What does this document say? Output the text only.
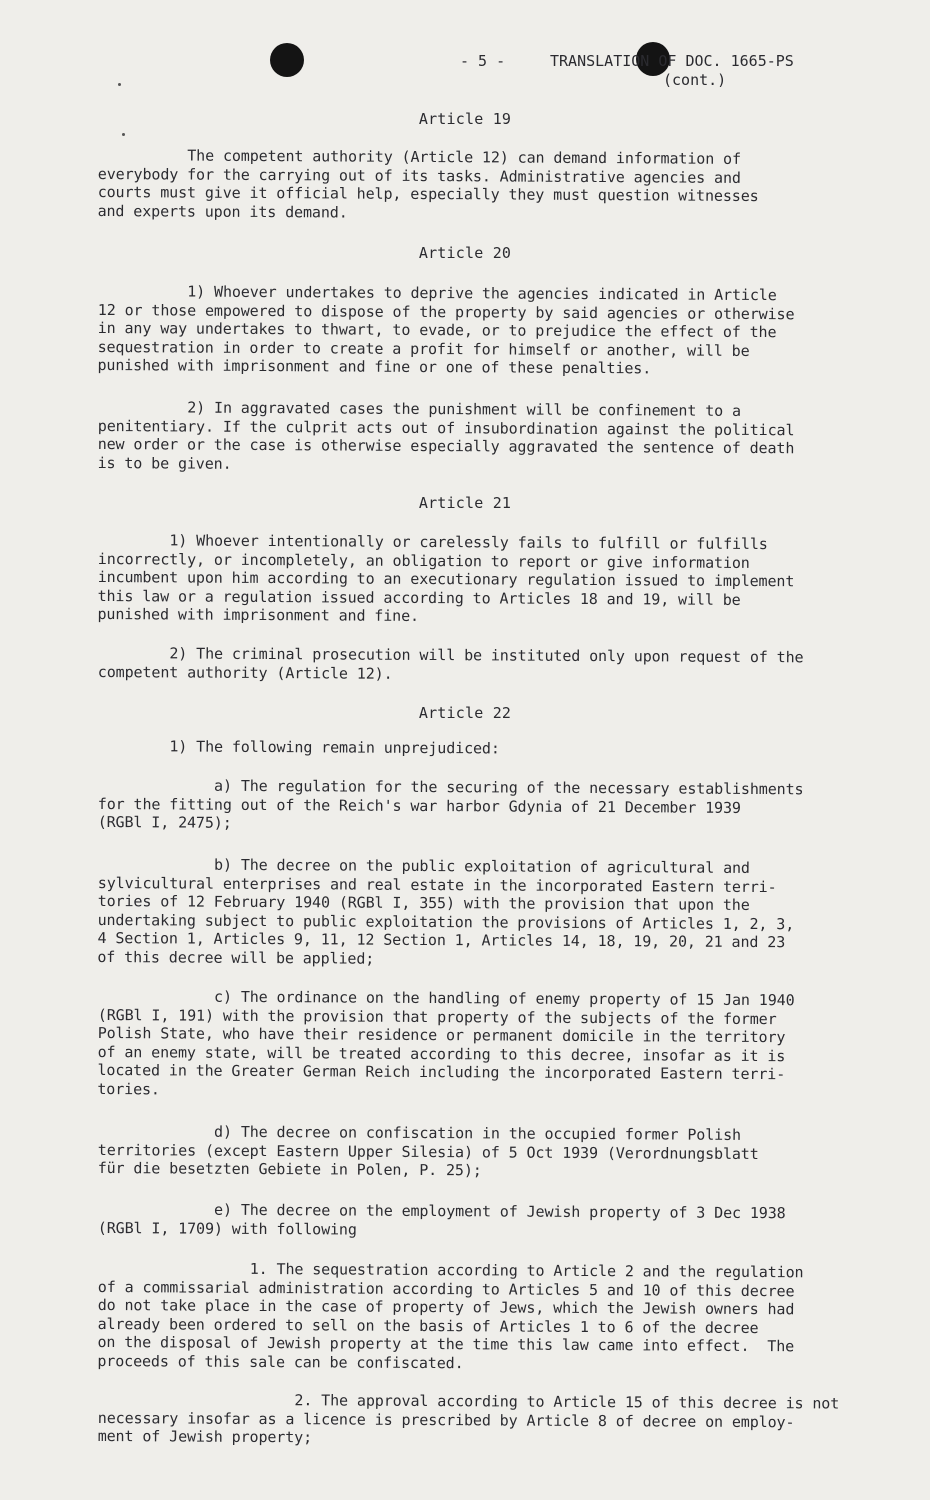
- 5 -	TRANSLATION OF DOC. 1665-PS
(cont.)
Article 19
The competent authority (Article 12) can demand information of
everybody for the carrying out of its tasks. Administrative agencies and
courts must give it official help, especially they must question witnesses
and experts upon its demand.
Article 20
1) Whoever undertakes to deprive the agencies indicated in Article
12 or those empowered to dispose of the property by said agencies or otherwise
in any way undertakes to thwart, to evade, or to prejudice the effect of the
sequestration in order to create a profit for himself or another, will be
punished with imprisonment and fine or one of these penalties.
2) In aggravated cases the punishment will be confinement to a
penitentiary. If the culprit acts out of insubordination against the political
new order or the case is otherwise especially aggravated the sentence of death
is to be given.
Article 21
1) Whoever intentionally or carelessly fails to fulfill or fulfills
incorrectly, or incompletely, an obligation to report or give information
incumbent upon him according to an executionary regulation issued to implement
this law or a regulation issued according to Articles 18 and 19, will be
punished with imprisonment and fine.
2) The criminal prosecution will be instituted only upon request of the
competent authority (Article 12).
Article 22
1) The following remain unprejudiced:
a) The regulation for the securing of the necessary establishments
for the fitting out of the Reich's war harbor Gdynia of 21 December 1939
(RGBl I, 2475);
b) The decree on the public exploitation of agricultural and
sylvicultural enterprises and real estate in the incorporated Eastern terri-
tories of 12 February 1940 (RGBl I, 355) with the provision that upon the
undertaking subject to public exploitation the provisions of Articles 1, 2, 3,
4 Section 1, Articles 9, 11, 12 Section 1, Articles 14, 18, 19, 20, 21 and 23
of this decree will be applied;
c) The ordinance on the handling of enemy property of 15 Jan 1940
(RGBl I, 191) with the provision that property of the subjects of the former
Polish State, who have their residence or permanent domicile in the territory
of an enemy state, will be treated according to this decree, insofar as it is
located in the Greater German Reich including the incorporated Eastern terri-
tories.
d) The decree on confiscation in the occupied former Polish
territories (except Eastern Upper Silesia) of 5 Oct 1939 (Verordnungsblatt
für die besetzten Gebiete in Polen, P. 25);
e) The decree on the employment of Jewish property of 3 Dec 1938
(RGBl I, 1709) with following
1. The sequestration according to Article 2 and the regulation
of a commissarial administration according to Articles 5 and 10 of this decree
do not take place in the case of property of Jews, which the Jewish owners had
already been ordered to sell on the basis of Articles 1 to 6 of the decree
on the disposal of Jewish property at the time this law came into effect.  The
proceeds of this sale can be confiscated.
2. The approval according to Article 15 of this decree is not
necessary insofar as a licence is prescribed by Article 8 of decree on employ-
ment of Jewish property;
